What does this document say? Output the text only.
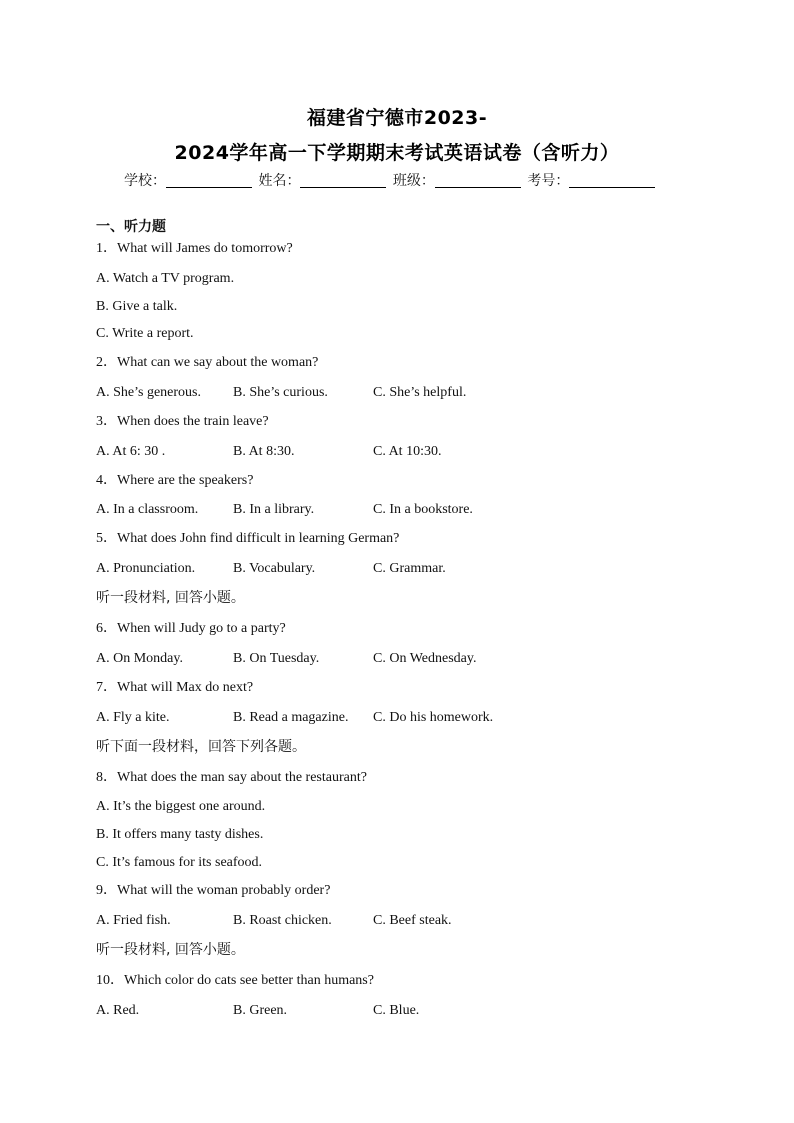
福建省宁德市2023-
2024学年高一下学期期末考试英语试卷（含听力）
学校：	姓名：	班级：	考号：
一、听力题
1．What will James do tomorrow?
A. Watch a TV program.
B. Give a talk.
C. Write a report.
2．What can we say about the woman?
A. She’s generous. B. She’s curious.	C. She’s helpful.
3．When does the train leave?
A. At 6: 30 .	B. At 8:30.	C. At 10:30.
4．Where are the speakers?
A. In a classroom. B. In a library.	C. In a bookstore.
5．What does John find difficult in learning German?
A. Pronunciation.	B. Vocabulary.	C. Grammar.
听一段材料, 回答小题。
6．When will Judy go to a party?
A. On Monday.	B. On Tuesday.	C. On Wednesday.
7．What will Max do next?
A. Fly a kite.	B. Read a magazine. C. Do his homework.
听下面一段材料，回答下列各题。
8．What does the man say about the restaurant?
A. It’s the biggest one around.
B. It offers many tasty dishes.
C. It’s famous for its seafood.
9．What will the woman probably order?
A. Fried fish.	B. Roast chicken.	C. Beef steak.
听一段材料, 回答小题。
10．Which color do cats see better than humans?
A. Red.	B. Green.	C. Blue.
